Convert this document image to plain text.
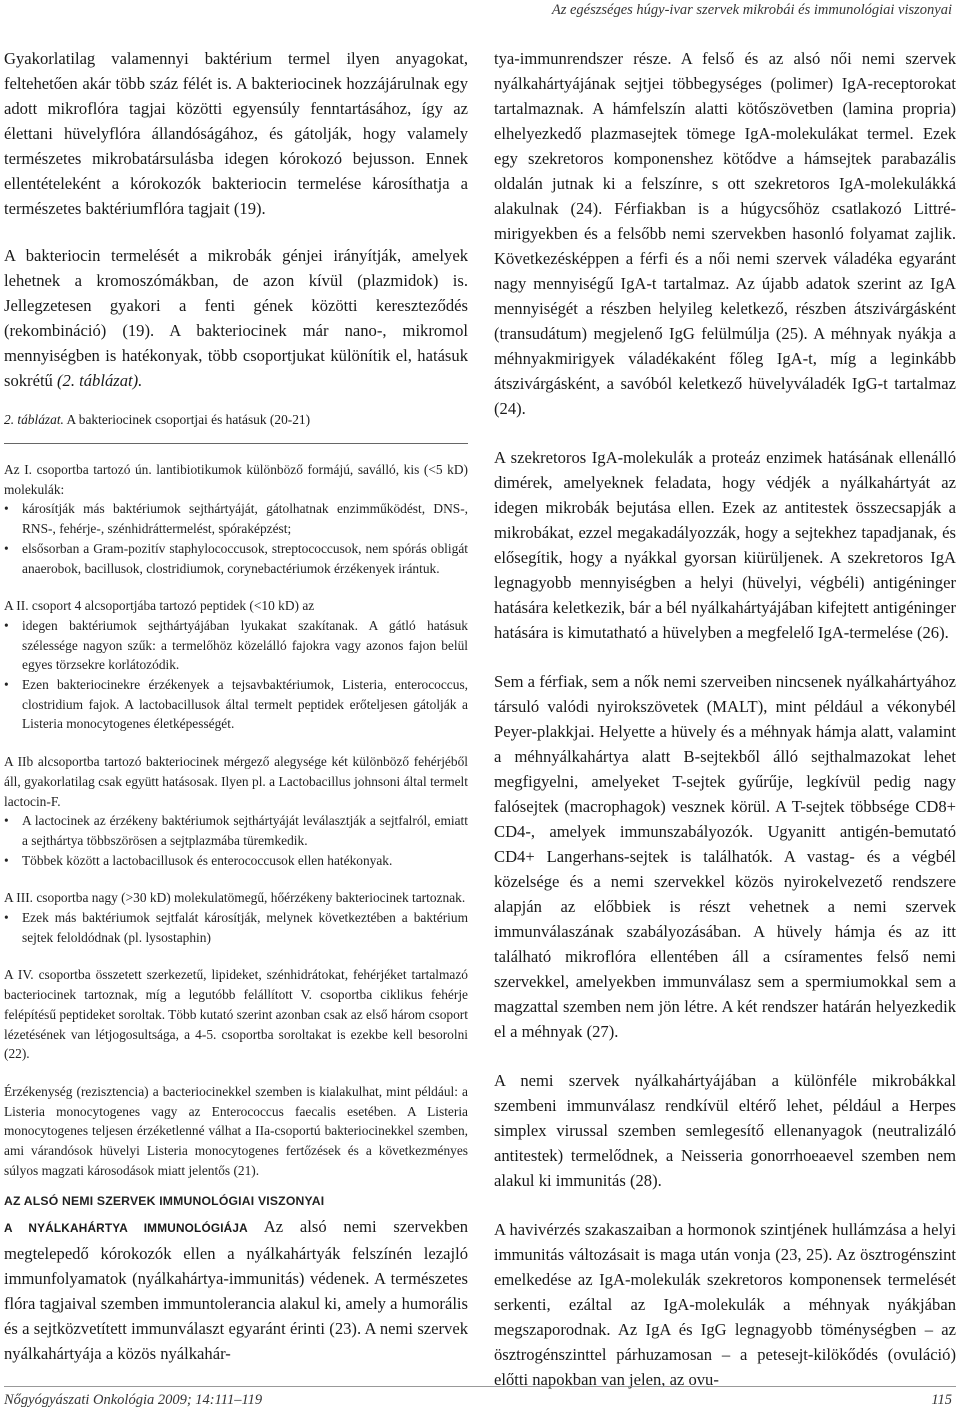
Az egészséges húgy-ivar szervek mikrobái és immunológiai viszonyai

Gyakorlatilag valamennyi baktérium termel ilyen anyagokat, feltehetően akár több száz félét is. A bakteriocinek hozzájárulnak egy adott mikroflóra tagjai közötti egyensúly fenntartásához, így az élettani hüvelyflóra állandóságához, és gátolják, hogy valamely természetes mikrobatársulásba idegen kórokozó bejusson. Ennek ellentételeként a kórokozók bakteriocin termelése károsíthatja a természetes baktériumflóra tagjait (19).

A bakteriocin termelését a mikrobák génjei irányítják, amelyek lehetnek a kromoszómákban, de azon kívül (plazmidok) is. Jellegzetesen gyakori a fenti gének közötti kereszteződés (rekombináció) (19). A bakteriocinek már nano-, mikromol mennyiségben is hatékonyak, több csoportjukat különítik el, hatásuk sokrétű (2. táblázat).

2. táblázat. A bakteriocinek csoportjai és hatásuk (20-21)

Az I. csoportba tartozó ún. lantibiotikumok különböző formájú, saválló, kis (<5 kD) molekulák:

• károsítják más baktériumok sejthártyáját, gátolhatnak enzimműködést, DNS-, RNS-, fehérje-, szénhidráttermelést, spóraképzést;
• elsősorban a Gram-pozitív staphylococcusok, streptococcusok, nem spórás obligát anaerobok, bacillusok, clostridiumok, corynebactériumok érzékenyek irántuk.

A II. csoport 4 alcsoportjába tartozó peptidek (<10 kD) az

• idegen baktériumok sejthártyájában lyukakat szakítanak. A gátló hatásuk szélessége nagyon szűk: a termelőhöz közelálló fajokra vagy azonos fajon belül egyes törzsekre korlátozódik.
• Ezen bakteriocinekre érzékenyek a tejsavbaktériumok, Listeria, enterococcus, clostridium fajok. A lactobacillusok által termelt peptidek erőteljesen gátolják a Listeria monocytogenes életképességét.

A IIb alcsoportba tartozó bakteriocinek mérgező alegysége két különböző fehérjéből áll, gyakorlatilag csak együtt hatásosak. Ilyen pl. a Lactobacillus johnsoni által termelt lactocin-F.

• A lactocinek az érzékeny baktériumok sejthártyáját leválasztják a sejtfalról, emiatt a sejthártya többszörösen a sejtplazmába türemkedik.
• Többek között a lactobacillusok és enterococcusok ellen hatékonyak.

A III. csoportba nagy (>30 kD) molekulatömegű, hőérzékeny bakteriocinek tartoznak.

• Ezek más baktériumok sejtfalát károsítják, melynek következtében a baktérium sejtek feloldódnak (pl. lysostaphin)

A IV. csoportba összetett szerkezetű, lipideket, szénhidrátokat, fehérjéket tartalmazó bacteriocinek tartoznak, míg a legutóbb felállított V. csoportba ciklikus fehérje felépítésű peptideket soroltak. Több kutató szerint azonban csak az első három csoport lézetésének van létjogosultsága, a 4-5. csoportba soroltakat is ezekbe kell besorolni (22).

Érzékenység (rezisztencia) a bacteriocinekkel szemben is kialakulhat, mint például: a Listeria monocytogenes vagy az Enterococcus faecalis esetében. A Listeria monocytogenes teljesen érzéketlenné válhat a IIa-csoportú bakteriocinekkel szemben, ami várandósok hüvelyi Listeria monocytogenes fertőzések és a következményes súlyos magzati károsodások miatt jelentős (21).

AZ ALSÓ NEMI SZERVEK IMMUNOLÓGIAI VISZONYAI

A NYÁLKAHÁRTYA IMMUNOLÓGIÁJA Az alsó nemi szervekben megtelepedő kórokozók ellen a nyálkahártyák felszínén lezajló immunfolyamatok (nyálkahártya-immunitás) védenek. A természetes flóra tagjaival szemben immuntolerancia alakul ki, amely a humorális és a sejtközvetített immunválaszt egyaránt érinti (23). A nemi szervek nyálkahártyája a közös nyálkahár-

tya-immunrendszer része. A felső és az alsó női nemi szervek nyálkahártyájának sejtjei többegységes (polimer) IgA-receptorokat tartalmaznak. A hámfelszín alatti kötőszövetben (lamina propria) elhelyezkedő plazmasejtek tömege IgA-molekulákat termel. Ezek egy szekretoros komponenshez kötődve a hámsejtek parabazális oldalán jutnak ki a felszínre, s ott szekretoros IgA-molekulákká alakulnak (24). Férfiakban is a húgycsőhöz csatlakozó Littré-mirigyekben és a felsőbb nemi szervekben hasonló folyamat zajlik. Következésképpen a férfi és a női nemi szervek váladéka egyaránt nagy mennyiségű IgA-t tartalmaz. Az újabb adatok szerint az IgA mennyiségét a részben helyileg keletkező, részben átszivárgásként (transudátum) megjelenő IgG felülmúlja (25). A méhnyak nyákja a méhnyakmirigyek váladékaként főleg IgA-t, míg a leginkább átszivárgásként, a savóból keletkező hüvelyváladék IgG-t tartalmaz (24).

A szekretoros IgA-molekulák a proteáz enzimek hatásának ellenálló dimérek, amelyeknek feladata, hogy védjék a nyálkahártyát az idegen mikrobák bejutása ellen. Ezek az antitestek összecsapják a mikrobákat, ezzel megakadályozzák, hogy a sejtekhez tapadjanak, és elősegítik, hogy a nyákkal gyorsan kiürüljenek. A szekretoros IgA legnagyobb mennyiségben a helyi (hüvelyi, végbéli) antigéninger hatására keletkezik, bár a bél nyálkahártyájában kifejtett antigéninger hatására is kimutatható a hüvelyben a megfelelő IgA-termelése (26).

Sem a férfiak, sem a nők nemi szerveiben nincsenek nyálkahártyához társuló valódi nyirokszövetek (MALT), mint például a vékonybél Peyer-plakkjai. Helyette a hüvely és a méhnyak hámja alatt, valamint a méhnyálkahártya alatt B-sejtekből álló sejthalmazokat lehet megfigyelni, amelyeket T-sejtek gyűrűje, legkívül pedig nagy falósejtek (macrophagok) vesznek körül. A T-sejtek többsége CD8+ CD4-, amelyek immunszabályozók. Ugyanitt antigén-bemutató CD4+ Langerhans-sejtek is találhatók. A vastag- és a végbél közelsége és a nemi szervekkel közös nyirokelvezető rendszere alapján az előbbiek is részt vehetnek a nemi szervek immunválaszának szabályozásában. A hüvely hámja és az itt található mikroflóra ellentében áll a csíramentes felső nemi szervekkel, amelyekben immunválasz sem a spermiumokkal sem a magzattal szemben nem jön létre. A két rendszer határán helyezkedik el a méhnyak (27).

A nemi szervek nyálkahártyájában a különféle mikrobákkal szembeni immunválasz rendkívül eltérő lehet, például a Herpes simplex virussal szemben semlegesítő ellenanyagok (neutralizáló antitestek) termelődnek, a Neisseria gonorrhoeaevel szemben nem alakul ki immunitás (28).

A havivérzés szakaszaiban a hormonok szintjének hullámzása a helyi immunitás változásait is maga után vonja (23, 25). Az ösztrogénszint emelkedése az IgA-molekulák szekretoros komponensek termelését serkenti, ezáltal az IgA-molekulák a méhnyak nyákjában megszaporodnak. Az IgA és IgG legnagyobb töménységben – az ösztrogénszinttel párhuzamosan – a petesejt-kilökődés (ovuláció) előtti napokban van jelen, az ovu-

Nőgyógyászati Onkológia 2009; 14:111–119	115
